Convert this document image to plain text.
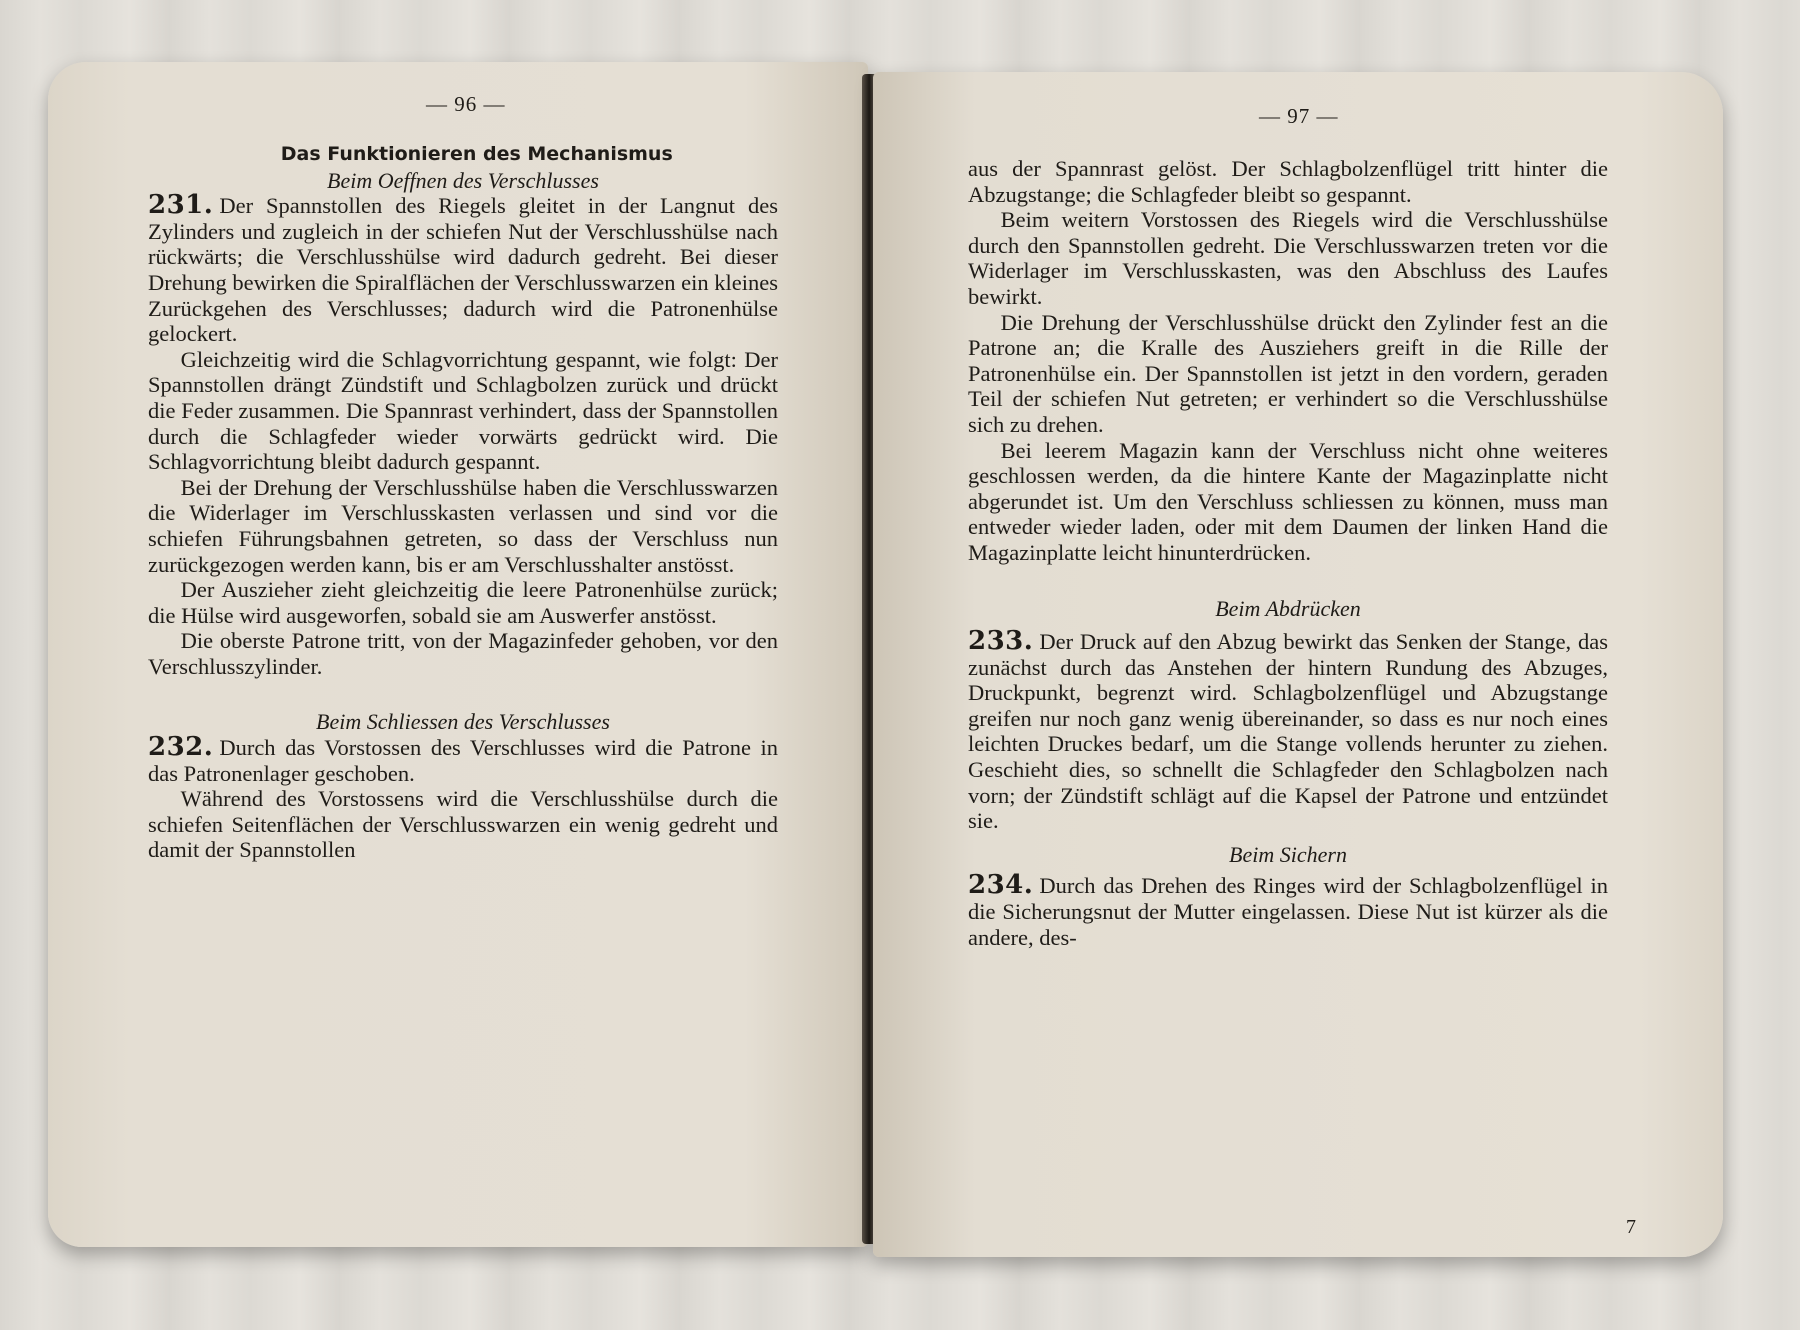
— 96 —

Das Funktionieren des Mechanismus

Beim Oeffnen des Verschlusses

231. Der Spannstollen des Riegels gleitet in der Langnut des Zylinders und zugleich in der schiefen Nut der Verschlusshülse nach rückwärts; die Verschlusshülse wird dadurch gedreht. Bei dieser Drehung bewirken die Spiralflächen der Verschlusswarzen ein kleines Zurückgehen des Verschlusses; dadurch wird die Patronenhülse gelockert.

Gleichzeitig wird die Schlagvorrichtung gespannt, wie folgt: Der Spannstollen drängt Zündstift und Schlagbolzen zurück und drückt die Feder zusammen. Die Spannrast verhindert, dass der Spannstollen durch die Schlagfeder wieder vorwärts gedrückt wird. Die Schlagvorrichtung bleibt dadurch gespannt.

Bei der Drehung der Verschlusshülse haben die Verschlusswarzen die Widerlager im Verschlusskasten verlassen und sind vor die schiefen Führungsbahnen getreten, so dass der Verschluss nun zurückgezogen werden kann, bis er am Verschlusshalter anstösst.

Der Auszieher zieht gleichzeitig die leere Patronenhülse zurück; die Hülse wird ausgeworfen, sobald sie am Auswerfer anstösst.

Die oberste Patrone tritt, von der Magazinfeder gehoben, vor den Verschlusszylinder.

Beim Schliessen des Verschlusses

232. Durch das Vorstossen des Verschlusses wird die Patrone in das Patronenlager geschoben.

Während des Vorstossens wird die Verschlusshülse durch die schiefen Seitenflächen der Verschlusswarzen ein wenig gedreht und damit der Spannstollen

— 97 —

aus der Spannrast gelöst. Der Schlagbolzenflügel tritt hinter die Abzugstange; die Schlagfeder bleibt so gespannt.

Beim weitern Vorstossen des Riegels wird die Verschlusshülse durch den Spannstollen gedreht. Die Verschlusswarzen treten vor die Widerlager im Verschlusskasten, was den Abschluss des Laufes bewirkt.

Die Drehung der Verschlusshülse drückt den Zylinder fest an die Patrone an; die Kralle des Ausziehers greift in die Rille der Patronenhülse ein. Der Spannstollen ist jetzt in den vordern, geraden Teil der schiefen Nut getreten; er verhindert so die Verschlusshülse sich zu drehen.

Bei leerem Magazin kann der Verschluss nicht ohne weiteres geschlossen werden, da die hintere Kante der Magazinplatte nicht abgerundet ist. Um den Verschluss schliessen zu können, muss man entweder wieder laden, oder mit dem Daumen der linken Hand die Magazinplatte leicht hinunterdrücken.

Beim Abdrücken

233. Der Druck auf den Abzug bewirkt das Senken der Stange, das zunächst durch das Anstehen der hintern Rundung des Abzuges, Druckpunkt, begrenzt wird. Schlagbolzenflügel und Abzugstange greifen nur noch ganz wenig übereinander, so dass es nur noch eines leichten Druckes bedarf, um die Stange vollends herunter zu ziehen. Geschieht dies, so schnellt die Schlagfeder den Schlagbolzen nach vorn; der Zündstift schlägt auf die Kapsel der Patrone und entzündet sie.

Beim Sichern

234. Durch das Drehen des Ringes wird der Schlagbolzenflügel in die Sicherungsnut der Mutter eingelassen. Diese Nut ist kürzer als die andere, des-

7
